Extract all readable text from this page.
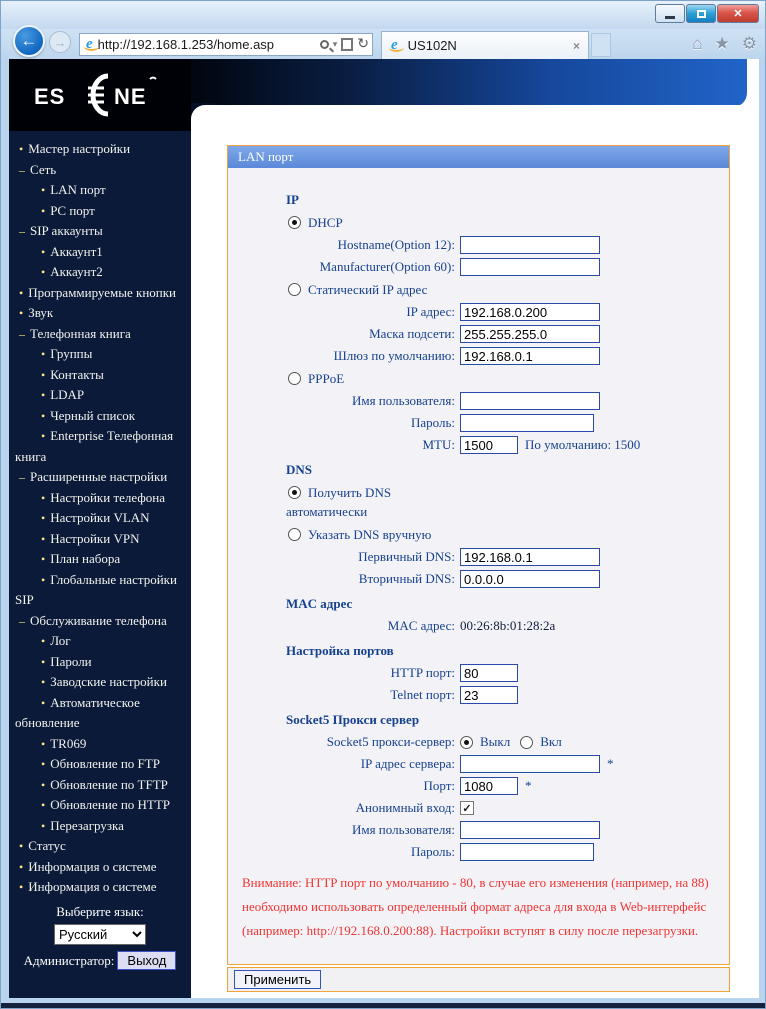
✕
← → e http://192.168.1.253/home.asp	▾ ↻ e US102N	×	⌂ ★ ⚙
LAN порт
IP
DHCP
Hostname(Option 12):
Manufacturer(Option 60):
Статический IP адрес
IP адрес:
192.168.0.200
Маска подсети:
255.255.255.0
Шлюз по умолчанию:
192.168.0.1
PPPoE
Имя пользователя:
Пароль:
MTU:
1500	По умолчанию: 1500
DNS
Получить DNS
автоматически
Указать DNS вручную
Первичный DNS:
192.168.0.1
Вторичный DNS:
0.0.0.0
MAC адрес
MAC адрес: 00:26:8b:01:28:2a
Настройка портов
HTTP порт:
80
Telnet порт:
23
Socket5 Прокси сервер
Socket5 прокси-сервер:	Выкл Вкл
IP адрес сервера:	*
Порт:
1080	*
Анонимный вход: ✓
Имя пользователя:
Пароль:
Внимание: HTTP порт по умолчанию - 80, в случае его изменения (например, на 88) необходимо использовать определенный формат адреса для входа в Web-интерфейс (например: http://192.168.0.200:88). Настройки вступят в силу после перезагрузки.
Применить
ES NE
• Мастер настройки
– Сеть
• LAN порт
• PC порт
– SIP аккаунты
• Аккаунт1
• Аккаунт2
• Программируемые кнопки
• Звук
– Телефонная книга
• Группы
• Контакты
• LDAP
• Черный список
• Enterprise Телефонная книга
– Расширенные настройки
• Настройки телефона
• Настройки VLAN
• Настройки VPN
• План набора
• Глобальные настройки SIP
– Обслуживание телефона
• Лог
• Пароли
• Заводские настройки
• Автоматическое обновление
• TR069
• Обновление по FTP
• Обновление по TFTP
• Обновление по HTTP
• Перезагрузка
• Статус
• Информация о системе
• Информация о системе
Выберите язык:
Русский
Администратор: Выход
